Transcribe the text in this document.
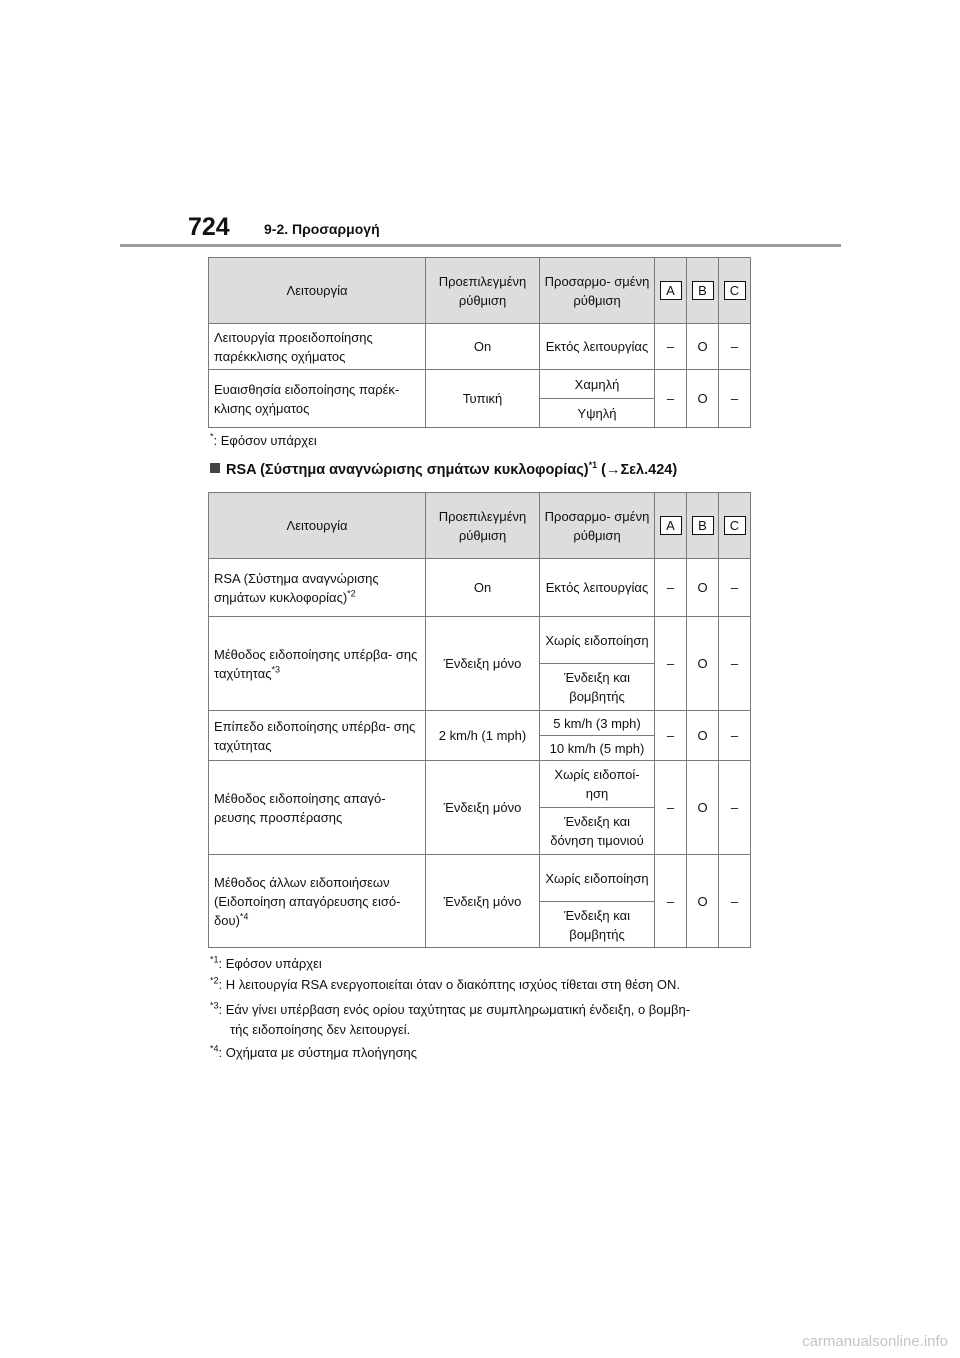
724 9-2. Προσαρμογή
Λειτουργία	Προεπιλεγμένη ρύθμιση	Προσαρμο- σμένη ρύθμιση	A	B	C
Λειτουργία προειδοποίησης παρέκκλισης οχήματος	On	Εκτός λειτουργίας	–	O	–
Ευαισθησία ειδοποίησης παρέκ- κλισης οχήματος	Τυπική	Χαμηλή	–	O	–
		Υψηλή			
*: Εφόσον υπάρχει
RSA (Σύστημα αναγνώρισης σημάτων κυκλοφορίας)$^{*1}$ (→Σελ.424)
Λειτουργία	Προεπιλεγμένη ρύθμιση	Προσαρμο- σμένη ρύθμιση	A	B	C
RSA (Σύστημα αναγνώρισης σημάτων κυκλοφορίας)$^{*2}$	On	Εκτός λειτουργίας	–	O	–
Μέθοδος ειδοποίησης υπέρβα- σης ταχύτητας$^{*3}$	Ένδειξη μόνο	Χωρίς ειδοποίηση	–	O	–
		Ένδειξη και βομβητής			
Επίπεδο ειδοποίησης υπέρβα- σης ταχύτητας	2 km/h (1 mph)	5 km/h (3 mph)	–	O	–
		10 km/h (5 mph)			
Μέθοδος ειδοποίησης απαγό- ρευσης προσπέρασης	Ένδειξη μόνο	Χωρίς ειδοποί- ηση	–	O	–
		Ένδειξη και δόνηση τιμονιού			
Μέθοδος άλλων ειδοποιήσεων (Ειδοποίηση απαγόρευσης εισό- δου)$^{*4}$	Ένδειξη μόνο	Χωρίς ειδοποίηση	–	O	–
		Ένδειξη και βομβητής			
$^{*1}$: Εφόσον υπάρχει
$^{*2}$: Η λειτουργία RSA ενεργοποιείται όταν ο διακόπτης ισχύος τίθεται στη θέση ON.
$^{*3}$: Εάν γίνει υπέρβαση ενός ορίου ταχύτητας με συμπληρωματική ένδειξη, ο βομβη-
τής ειδοποίησης δεν λειτουργεί.
$^{*4}$: Οχήματα με σύστημα πλοήγησης
carmanualsonline.info
